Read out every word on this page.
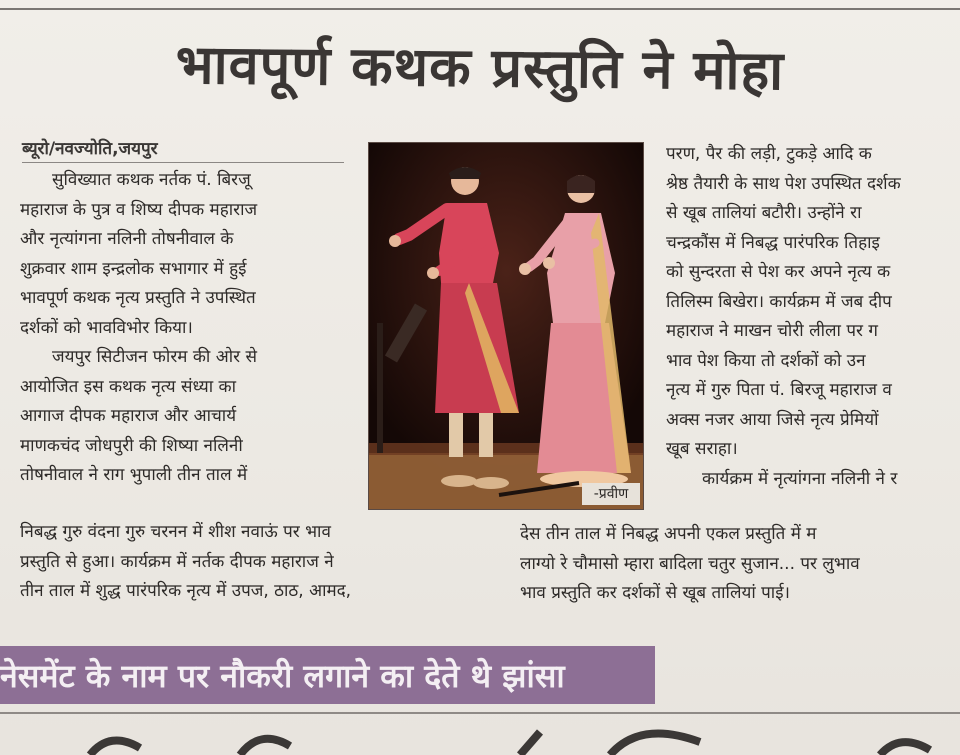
भावपूर्ण कथक प्रस्तुति ने मोहा
ब्यूरो/नवज्योति,जयपुर

सुविख्यात कथक नर्तक पं. बिरजू

महाराज के पुत्र व शिष्य दीपक महाराज

और नृत्यांगना नलिनी तोषनीवाल के

शुक्रवार शाम इन्द्रलोक सभागार में हुई

भावपूर्ण कथक नृत्य प्रस्तुति ने उपस्थित

दर्शकों को भावविभोर किया।

जयपुर सिटीजन फोरम की ओर से

आयोजित इस कथक नृत्य संध्या का

आगाज दीपक महाराज और आचार्य

माणकचंद जोधपुरी की शिष्या नलिनी

तोषनीवाल ने राग भुपाली तीन ताल में

-प्रवीण

परण, पैर की लड़ी, टुकड़े आदि क

श्रेष्ठ तैयारी के साथ पेश उपस्थित दर्शक

से खूब तालियां बटौरी। उन्होंने रा

चन्द्रकौंस में निबद्ध पारंपरिक तिहाइ

को सुन्दरता से पेश कर अपने नृत्य क

तिलिस्म बिखेरा। कार्यक्रम में जब दीप

महाराज ने माखन चोरी लीला पर ग

भाव पेश किया तो दर्शकों को उन

नृत्य में गुरु पिता पं. बिरजू महाराज व

अक्स नजर आया जिसे नृत्य प्रेमियों

खूब सराहा।

कार्यक्रम में नृत्यांगना नलिनी ने र

निबद्ध गुरु वंदना गुरु चरनन में शीश नवाऊं पर भाव

प्रस्तुति से हुआ। कार्यक्रम में नर्तक दीपक महाराज ने

तीन ताल में शुद्ध पारंपरिक नृत्य में उपज, ठाठ, आमद,

देस तीन ताल में निबद्ध अपनी एकल प्रस्तुति में म

लाग्यो रे चौमासो म्हारा बादिला चतुर सुजान... पर लुभाव

भाव प्रस्तुति कर दर्शकों से खूब तालियां पाई।

नेसमेंट के नाम पर नौकरी लगाने का देते थे झांसा
